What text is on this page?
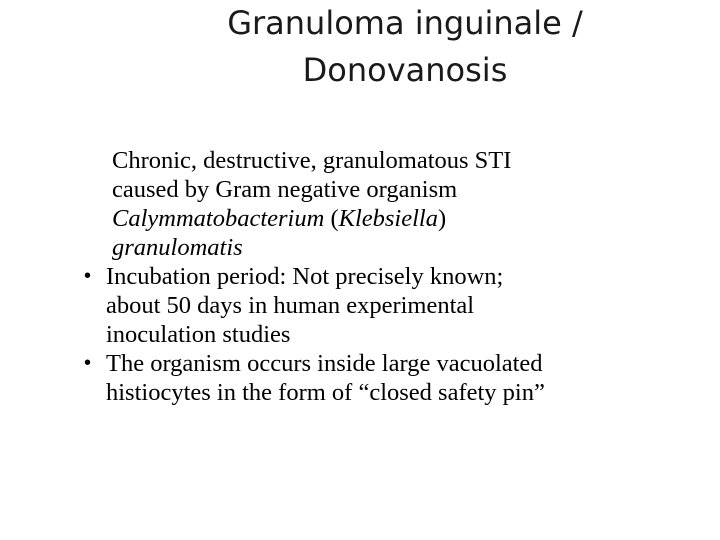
Granuloma inguinale /
Donovanosis
Chronic, destructive, granulomatous STI
caused by Gram negative organism
Calymmatobacterium (Klebsiella)
granulomatis
• Incubation period: Not precisely known;
about 50 days in human experimental
inoculation studies
• The organism occurs inside large vacuolated
histiocytes in the form of “closed safety pin”
